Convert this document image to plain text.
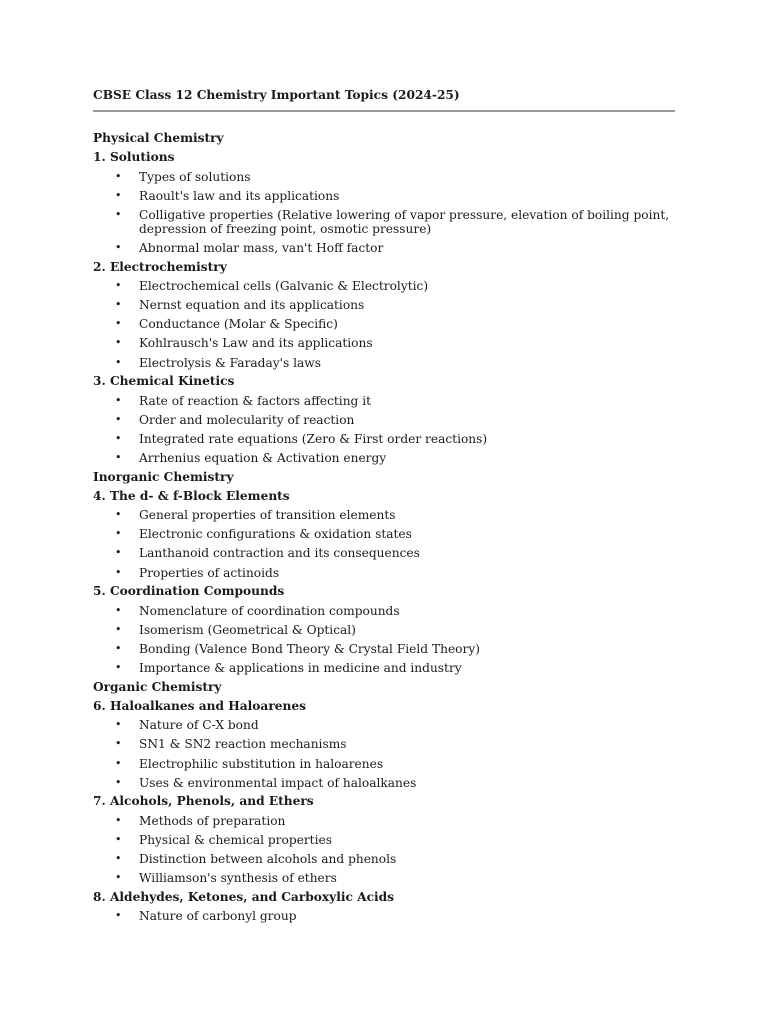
CBSE Class 12 Chemistry Important Topics (2024-25)
Physical Chemistry
1. Solutions
• Types of solutions
• Raoult's law and its applications
• Colligative properties (Relative lowering of vapor pressure, elevation of boiling point, depression of freezing point, osmotic pressure)
• Abnormal molar mass, van't Hoff factor
2. Electrochemistry
• Electrochemical cells (Galvanic & Electrolytic)
• Nernst equation and its applications
• Conductance (Molar & Specific)
• Kohlrausch's Law and its applications
• Electrolysis & Faraday's laws
3. Chemical Kinetics
• Rate of reaction & factors affecting it
• Order and molecularity of reaction
• Integrated rate equations (Zero & First order reactions)
• Arrhenius equation & Activation energy
Inorganic Chemistry
4. The d- & f-Block Elements
• General properties of transition elements
• Electronic configurations & oxidation states
• Lanthanoid contraction and its consequences
• Properties of actinoids
5. Coordination Compounds
• Nomenclature of coordination compounds
• Isomerism (Geometrical & Optical)
• Bonding (Valence Bond Theory & Crystal Field Theory)
• Importance & applications in medicine and industry
Organic Chemistry
6. Haloalkanes and Haloarenes
• Nature of C-X bond
• SN1 & SN2 reaction mechanisms
• Electrophilic substitution in haloarenes
• Uses & environmental impact of haloalkanes
7. Alcohols, Phenols, and Ethers
• Methods of preparation
• Physical & chemical properties
• Distinction between alcohols and phenols
• Williamson's synthesis of ethers
8. Aldehydes, Ketones, and Carboxylic Acids
• Nature of carbonyl group
